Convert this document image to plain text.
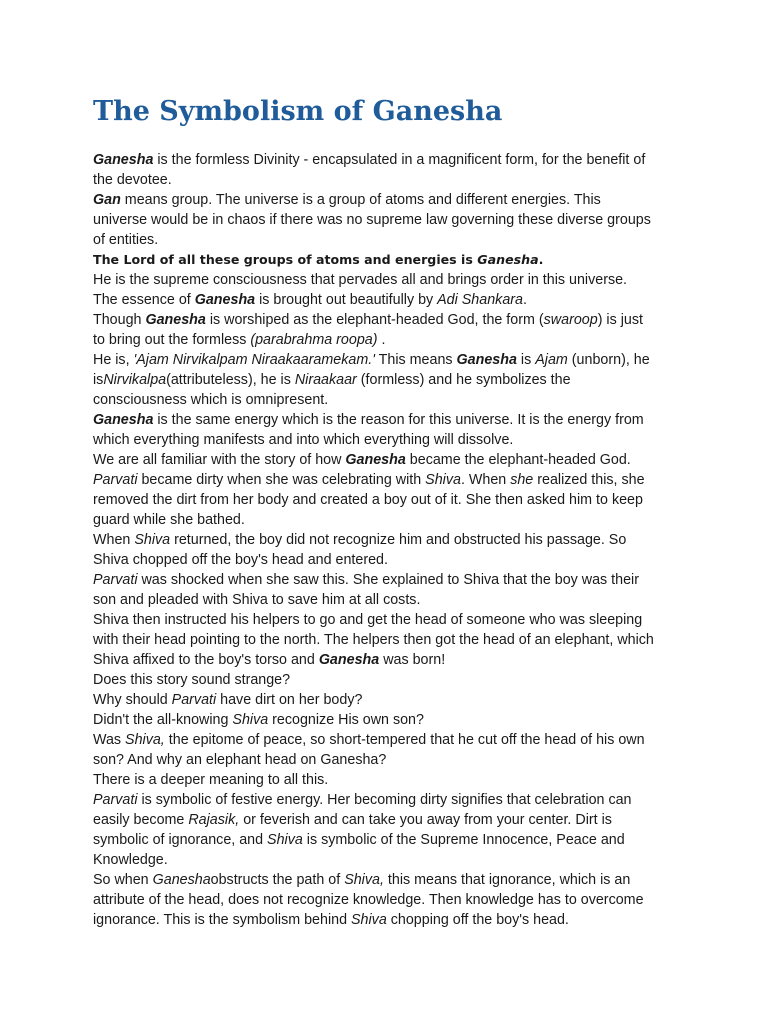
The Symbolism of Ganesha
Ganesha is the formless Divinity - encapsulated in a magnificent form, for the benefit of
the devotee.
Gan means group. The universe is a group of atoms and different energies. This
universe would be in chaos if there was no supreme law governing these diverse groups
of entities.
The Lord of all these groups of atoms and energies is Ganesha.
He is the supreme consciousness that pervades all and brings order in this universe.
The essence of Ganesha is brought out beautifully by Adi Shankara.
Though Ganesha is worshiped as the elephant-headed God, the form (swaroop) is just
to bring out the formless (parabrahma roopa) .
He is, 'Ajam Nirvikalpam Niraakaaramekam.' This means Ganesha is Ajam (unborn), he
isNirvikalpa(attributeless), he is Niraakaar (formless) and he symbolizes the
consciousness which is omnipresent.
Ganesha is the same energy which is the reason for this universe. It is the energy from
which everything manifests and into which everything will dissolve.
We are all familiar with the story of how Ganesha became the elephant-headed God.
Parvati became dirty when she was celebrating with Shiva. When she realized this, she
removed the dirt from her body and created a boy out of it. She then asked him to keep
guard while she bathed.
When Shiva returned, the boy did not recognize him and obstructed his passage. So
Shiva chopped off the boy's head and entered.
Parvati was shocked when she saw this. She explained to Shiva that the boy was their
son and pleaded with Shiva to save him at all costs.
Shiva then instructed his helpers to go and get the head of someone who was sleeping
with their head pointing to the north. The helpers then got the head of an elephant, which
Shiva affixed to the boy's torso and Ganesha was born!
Does this story sound strange?
Why should Parvati have dirt on her body?
Didn't the all-knowing Shiva recognize His own son?
Was Shiva, the epitome of peace, so short-tempered that he cut off the head of his own
son? And why an elephant head on Ganesha?
There is a deeper meaning to all this.
Parvati is symbolic of festive energy. Her becoming dirty signifies that celebration can
easily become Rajasik, or feverish and can take you away from your center. Dirt is
symbolic of ignorance, and Shiva is symbolic of the Supreme Innocence, Peace and
Knowledge.
So when Ganeshaobstructs the path of Shiva, this means that ignorance, which is an
attribute of the head, does not recognize knowledge. Then knowledge has to overcome
ignorance. This is the symbolism behind Shiva chopping off the boy's head.
